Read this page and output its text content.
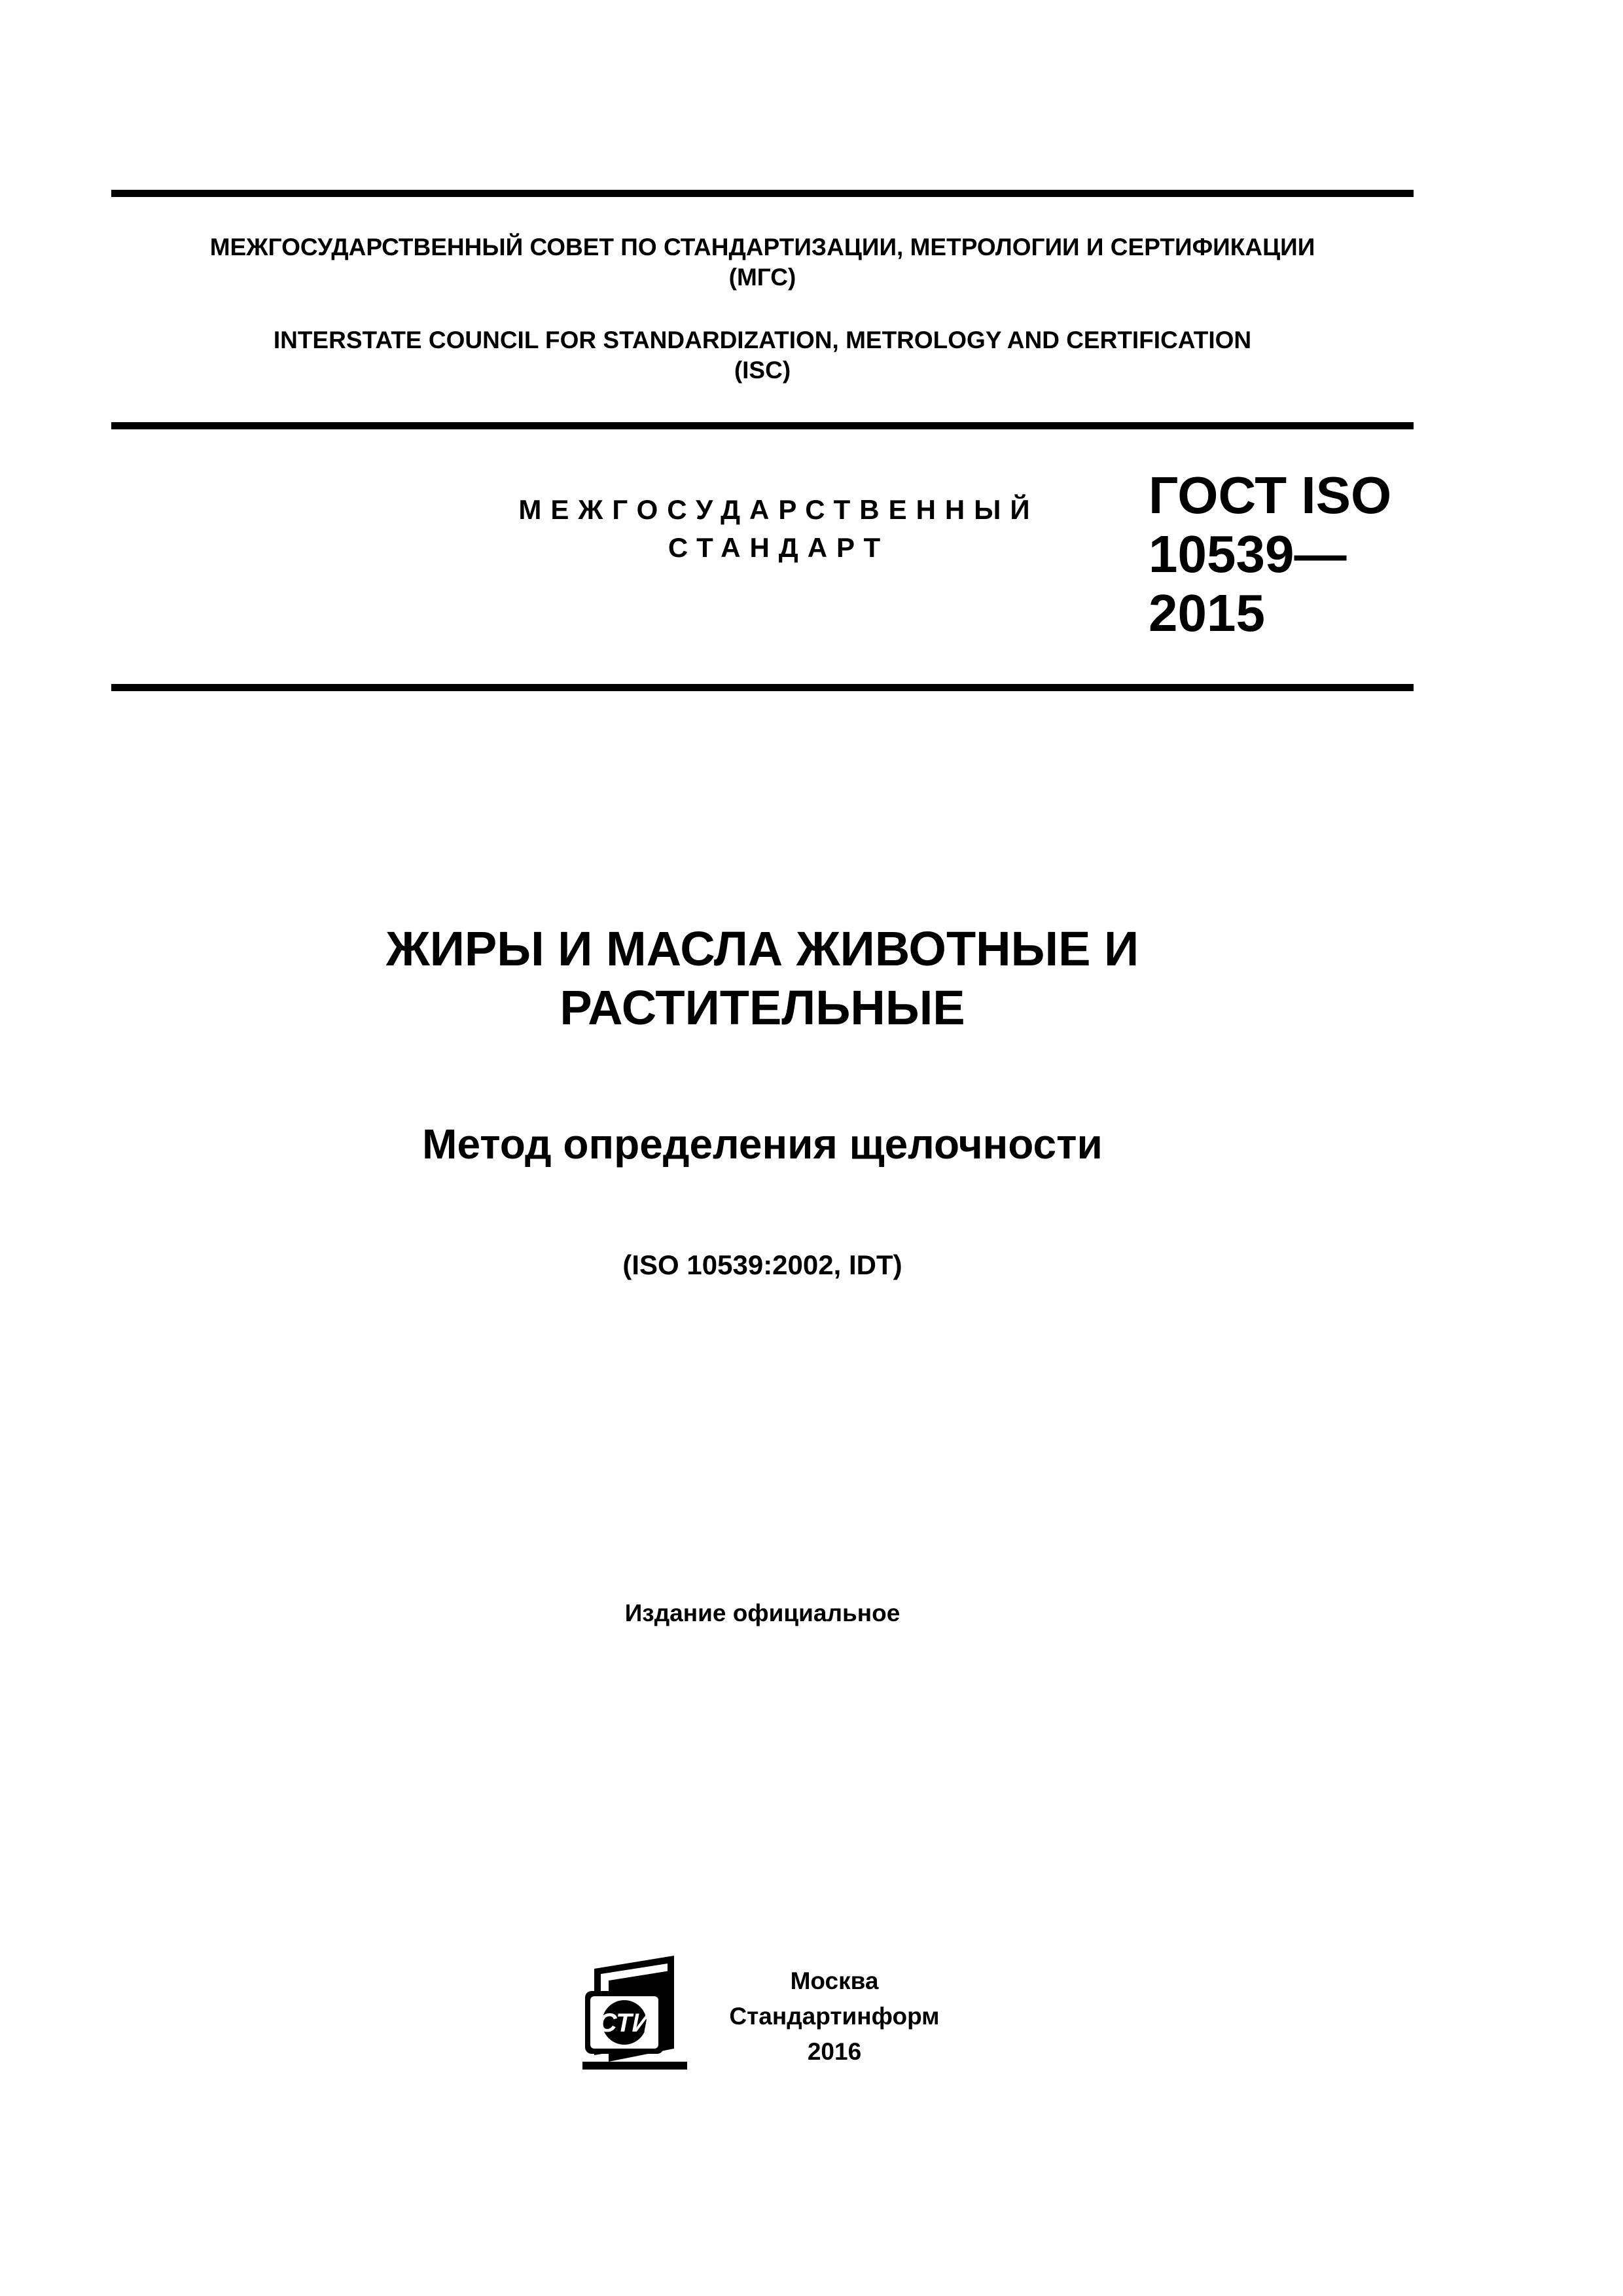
МЕЖГОСУДАРСТВЕННЫЙ СОВЕТ ПО СТАНДАРТИЗАЦИИ, МЕТРОЛОГИИ И СЕРТИФИКАЦИИ
(МГС)
INTERSTATE COUNCIL FOR STANDARDIZATION, METROLOGY AND CERTIFICATION
(ISC)
МЕЖГОСУДАРСТВЕННЫЙ
СТАНДАРТ
ГОСТ ISO
10539—
2015
ЖИРЫ И МАСЛА ЖИВОТНЫЕ И
РАСТИТЕЛЬНЫЕ
Метод определения щелочности
(ISO 10539:2002, IDT)
Издание официальное
СТИ
Москва
Стандартинформ
2016
